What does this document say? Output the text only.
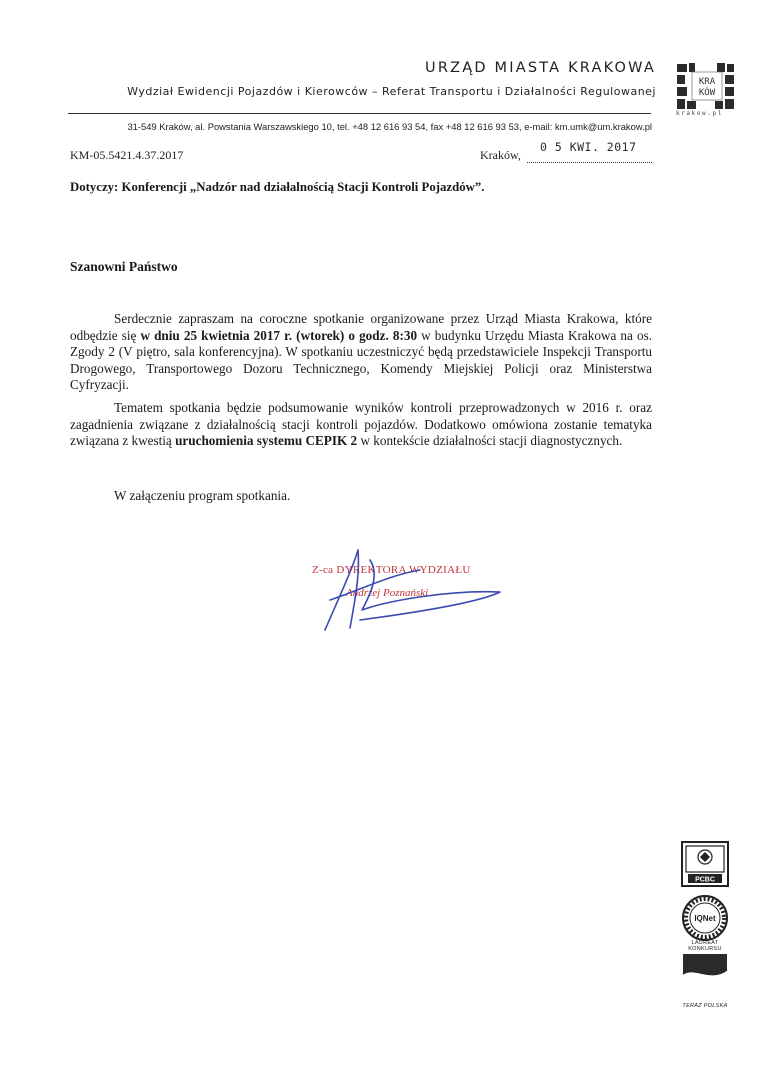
URZĄD MIASTA KRAKOWA
Wydział Ewidencji Pojazdów i Kierowców – Referat Transportu i Działalności Regulowanej
KRA
KÓW
krakow.pl
31-549 Kraków, al. Powstania Warszawskiego 10, tel. +48 12 616 93 54, fax +48 12 616 93 53, e-mail: km.umk@um.krakow.pl
KM-05.5421.4.37.2017	Kraków,
0 5 KWI. 2017
Dotyczy: Konferencji „Nadzór nad działalnością Stacji Kontroli Pojazdów”.
Szanowni Państwo

Serdecznie zapraszam na coroczne spotkanie organizowane przez Urząd Miasta Krakowa, które odbędzie się w dniu 25 kwietnia 2017 r. (wtorek) o godz. 8:30 w budynku Urzędu Miasta Krakowa na os. Zgody 2 (V piętro, sala konferencyjna). W spotkaniu uczestniczyć będą przedstawiciele Inspekcji Transportu Drogowego, Transportowego Dozoru Technicznego, Komendy Miejskiej Policji oraz Ministerstwa Cyfryzacji.

Tematem spotkania będzie podsumowanie wyników kontroli przeprowadzonych w 2016 r. oraz zagadnienia związane z działalnością stacji kontroli pojazdów. Dodatkowo omówiona zostanie tematyka związana z kwestią uruchomienia systemu CEPIK 2 w kontekście działalności stacji diagnostycznych.

W załączeniu program spotkania.
Z-ca DYREKTORA WYDZIAŁU
Andrzej Poznański
PCBC
IQNet
LAUREAT KONKURSU
TERAZ POLSKA
